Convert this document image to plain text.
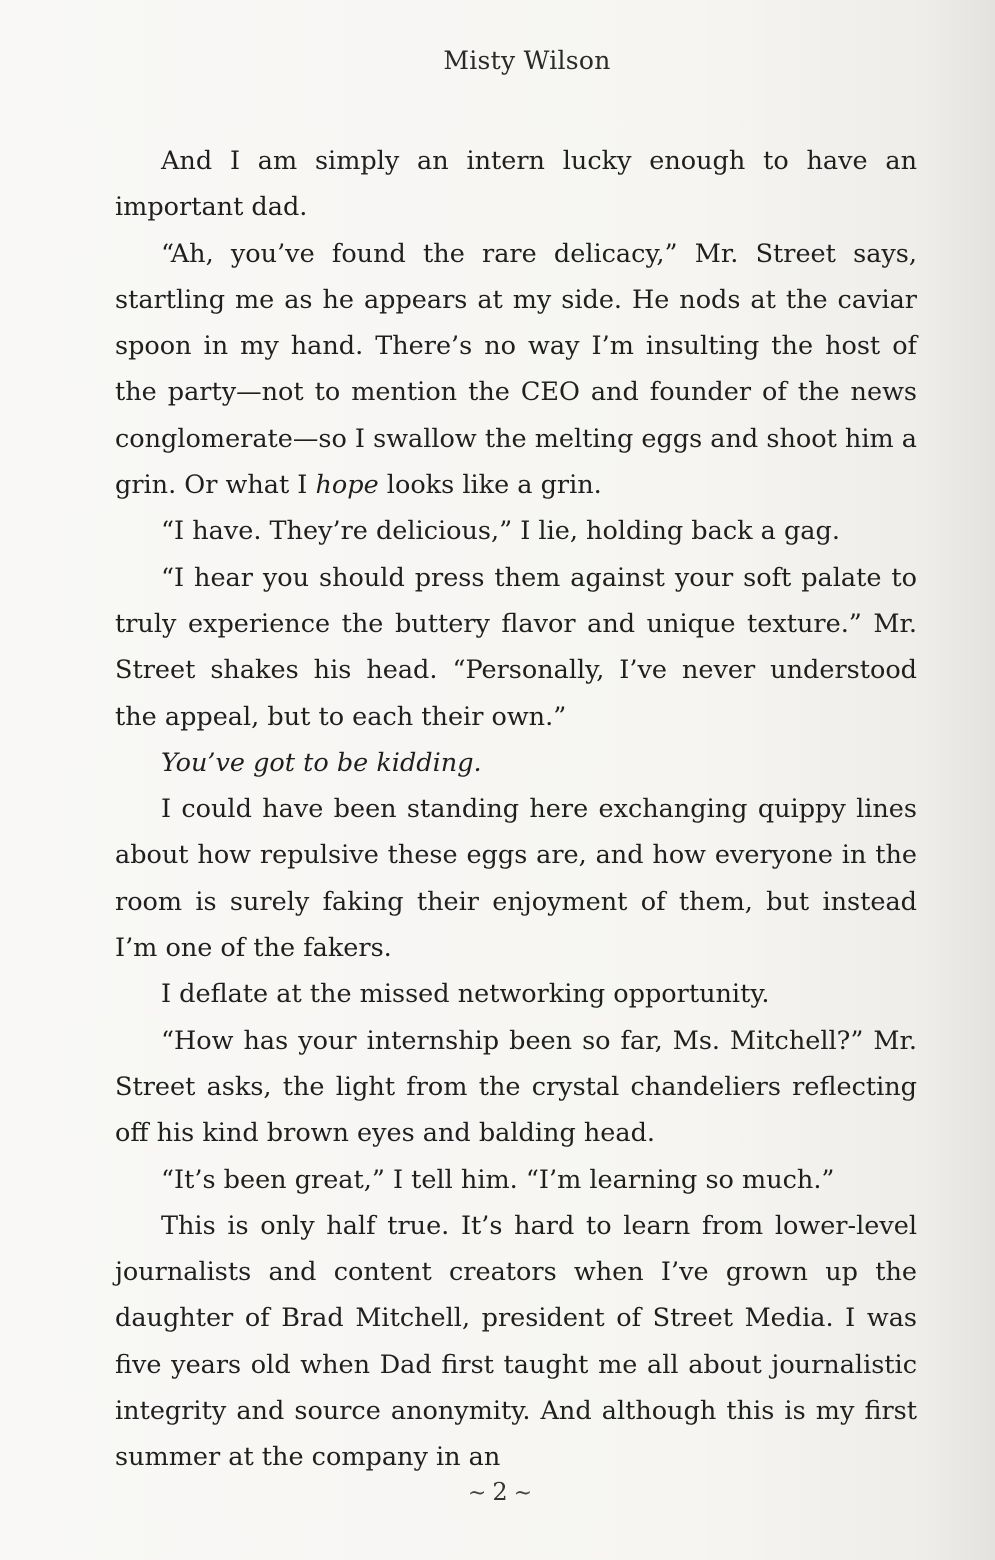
Misty Wilson

And I am simply an intern lucky enough to have an important dad.

“Ah, you’ve found the rare delicacy,” Mr. Street says, startling me as he appears at my side. He nods at the caviar spoon in my hand. There’s no way I’m insulting the host of the party—not to mention the CEO and founder of the news conglomerate—so I swallow the melting eggs and shoot him a grin. Or what I hope looks like a grin.

“I have. They’re delicious,” I lie, holding back a gag.

“I hear you should press them against your soft palate to truly experience the buttery flavor and unique texture.” Mr. Street shakes his head. “Personally, I’ve never understood the appeal, but to each their own.”

You’ve got to be kidding.

I could have been standing here exchanging quippy lines about how repulsive these eggs are, and how everyone in the room is surely faking their enjoyment of them, but instead I’m one of the fakers.

I deflate at the missed networking opportunity.

“How has your internship been so far, Ms. Mitchell?” Mr. Street asks, the light from the crystal chandeliers reflecting off his kind brown eyes and balding head.

“It’s been great,” I tell him. “I’m learning so much.”

This is only half true. It’s hard to learn from lower-level journalists and content creators when I’ve grown up the daughter of Brad Mitchell, president of Street Media. I was five years old when Dad first taught me all about journalistic integrity and source anonymity. And although this is my first summer at the company in an

~ 2 ~
